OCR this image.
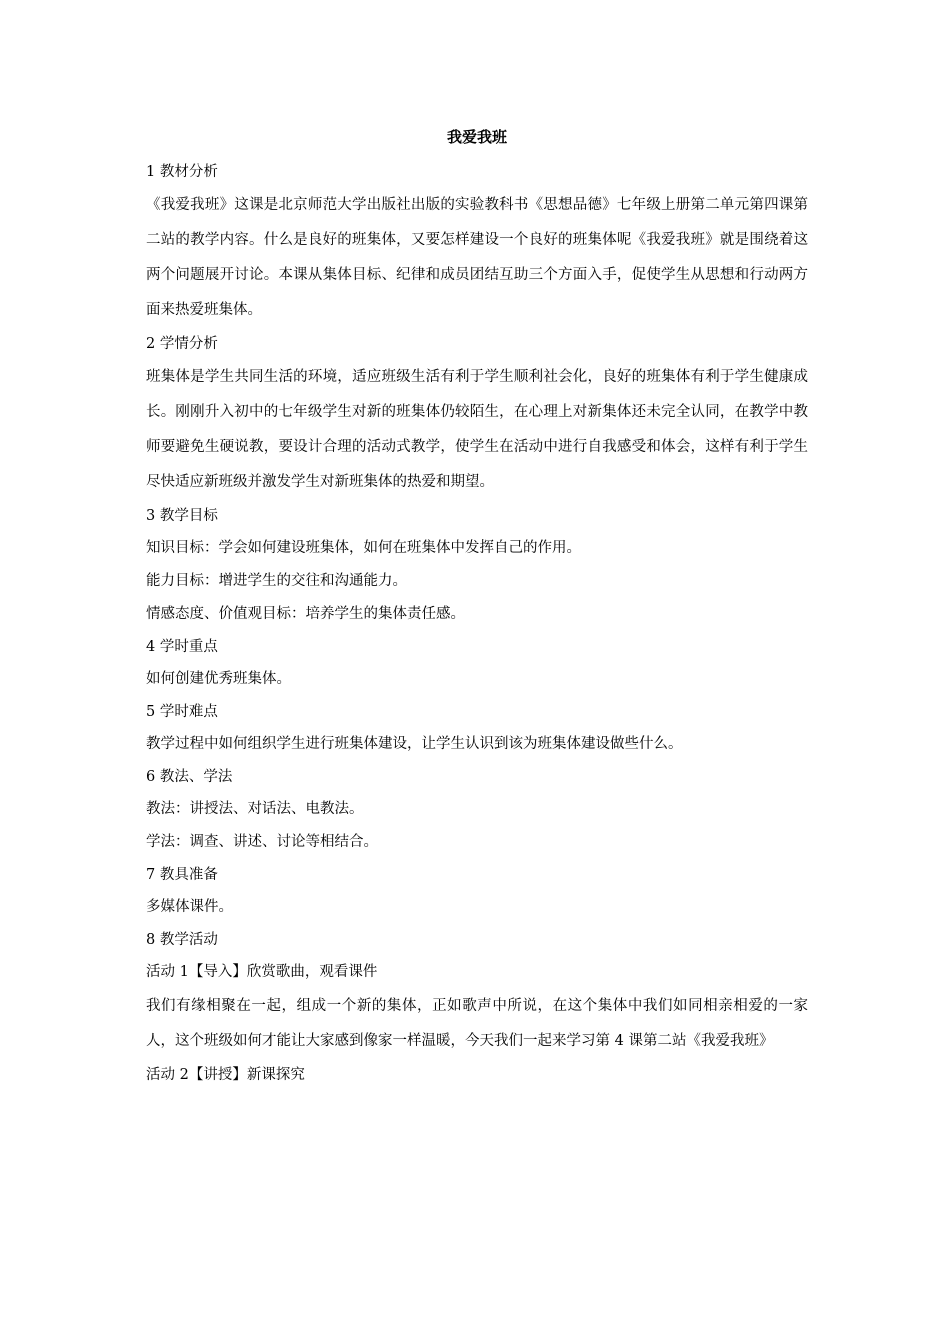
我爱我班
1 教材分析
《我爱我班》这课是北京师范大学出版社出版的实验教科书《思想品德》七年级上册第二单元第四课第二站的教学内容。什么是良好的班集体，又要怎样建设一个良好的班集体呢《我爱我班》就是围绕着这两个问题展开讨论。本课从集体目标、纪律和成员团结互助三个方面入手，促使学生从思想和行动两方面来热爱班集体。
2 学情分析
班集体是学生共同生活的环境，适应班级生活有利于学生顺利社会化，良好的班集体有利于学生健康成长。刚刚升入初中的七年级学生对新的班集体仍较陌生，在心理上对新集体还未完全认同，在教学中教师要避免生硬说教，要设计合理的活动式教学，使学生在活动中进行自我感受和体会，这样有利于学生尽快适应新班级并激发学生对新班集体的热爱和期望。
3 教学目标
知识目标：学会如何建设班集体，如何在班集体中发挥自己的作用。
能力目标：增进学生的交往和沟通能力。
情感态度、价值观目标：培养学生的集体责任感。
4 学时重点
如何创建优秀班集体。
5 学时难点
教学过程中如何组织学生进行班集体建设，让学生认识到该为班集体建设做些什么。
6 教法、学法
教法：讲授法、对话法、电教法。
学法：调查、讲述、讨论等相结合。
7 教具准备
多媒体课件。
8 教学活动
活动 1【导入】欣赏歌曲，观看课件
我们有缘相聚在一起，组成一个新的集体，正如歌声中所说，在这个集体中我们如同相亲相爱的一家人，这个班级如何才能让大家感到像家一样温暖，今天我们一起来学习第 4 课第二站《我爱我班》
活动 2【讲授】新课探究
